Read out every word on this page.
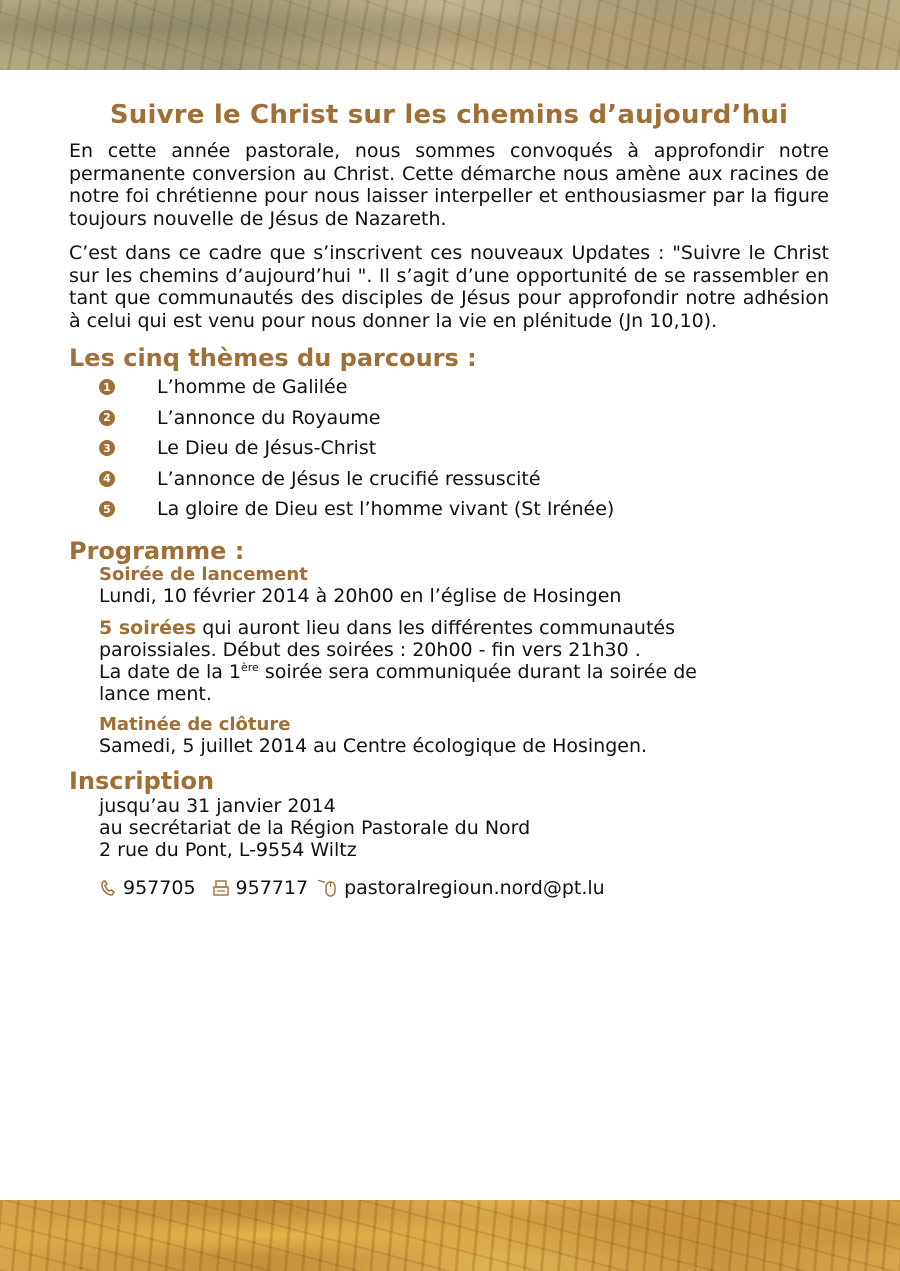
Suivre le Christ sur les chemins d’aujourd’hui

En cette année pastorale, nous sommes convoqués à approfondir notre permanente conversion au Christ. Cette démarche nous amène aux racines de notre foi chrétienne pour nous laisser interpeller et enthousiasmer par la figure toujours nouvelle de Jésus de Nazareth.

C’est dans ce cadre que s’inscrivent ces nouveaux Updates : "Suivre le Christ sur les chemins d’aujourd’hui ". Il s’agit d’une opportunité de se rassembler en tant que communautés des disciples de Jésus pour approfondir notre adhésion à celui qui est venu pour nous donner la vie en plénitude (Jn 10,10).

Les cinq thèmes du parcours :
1 L’homme de Galilée
2 L’annonce du Royaume
3 Le Dieu de Jésus-Christ
4 L’annonce de Jésus le crucifié ressuscité
5 La gloire de Dieu est l’homme vivant (St Irénée)
Programme :

Soirée de lancement

Lundi, 10 février 2014 à 20h00 en l’église de Hosingen

5 soirées qui auront lieu dans les différentes communautés

paroissiales. Début des soirées : 20h00 - fin vers 21h30 .

La date de la 1ère soirée sera communiquée durant la soirée de

lance ment.

Matinée de clôture

Samedi, 5 juillet 2014 au Centre écologique de Hosingen.

Inscription

jusqu’au 31 janvier 2014

au secrétariat de la Région Pastorale du Nord

2 rue du Pont, L-9554 Wiltz

957705 957717 pastoralregioun.nord@pt.lu
